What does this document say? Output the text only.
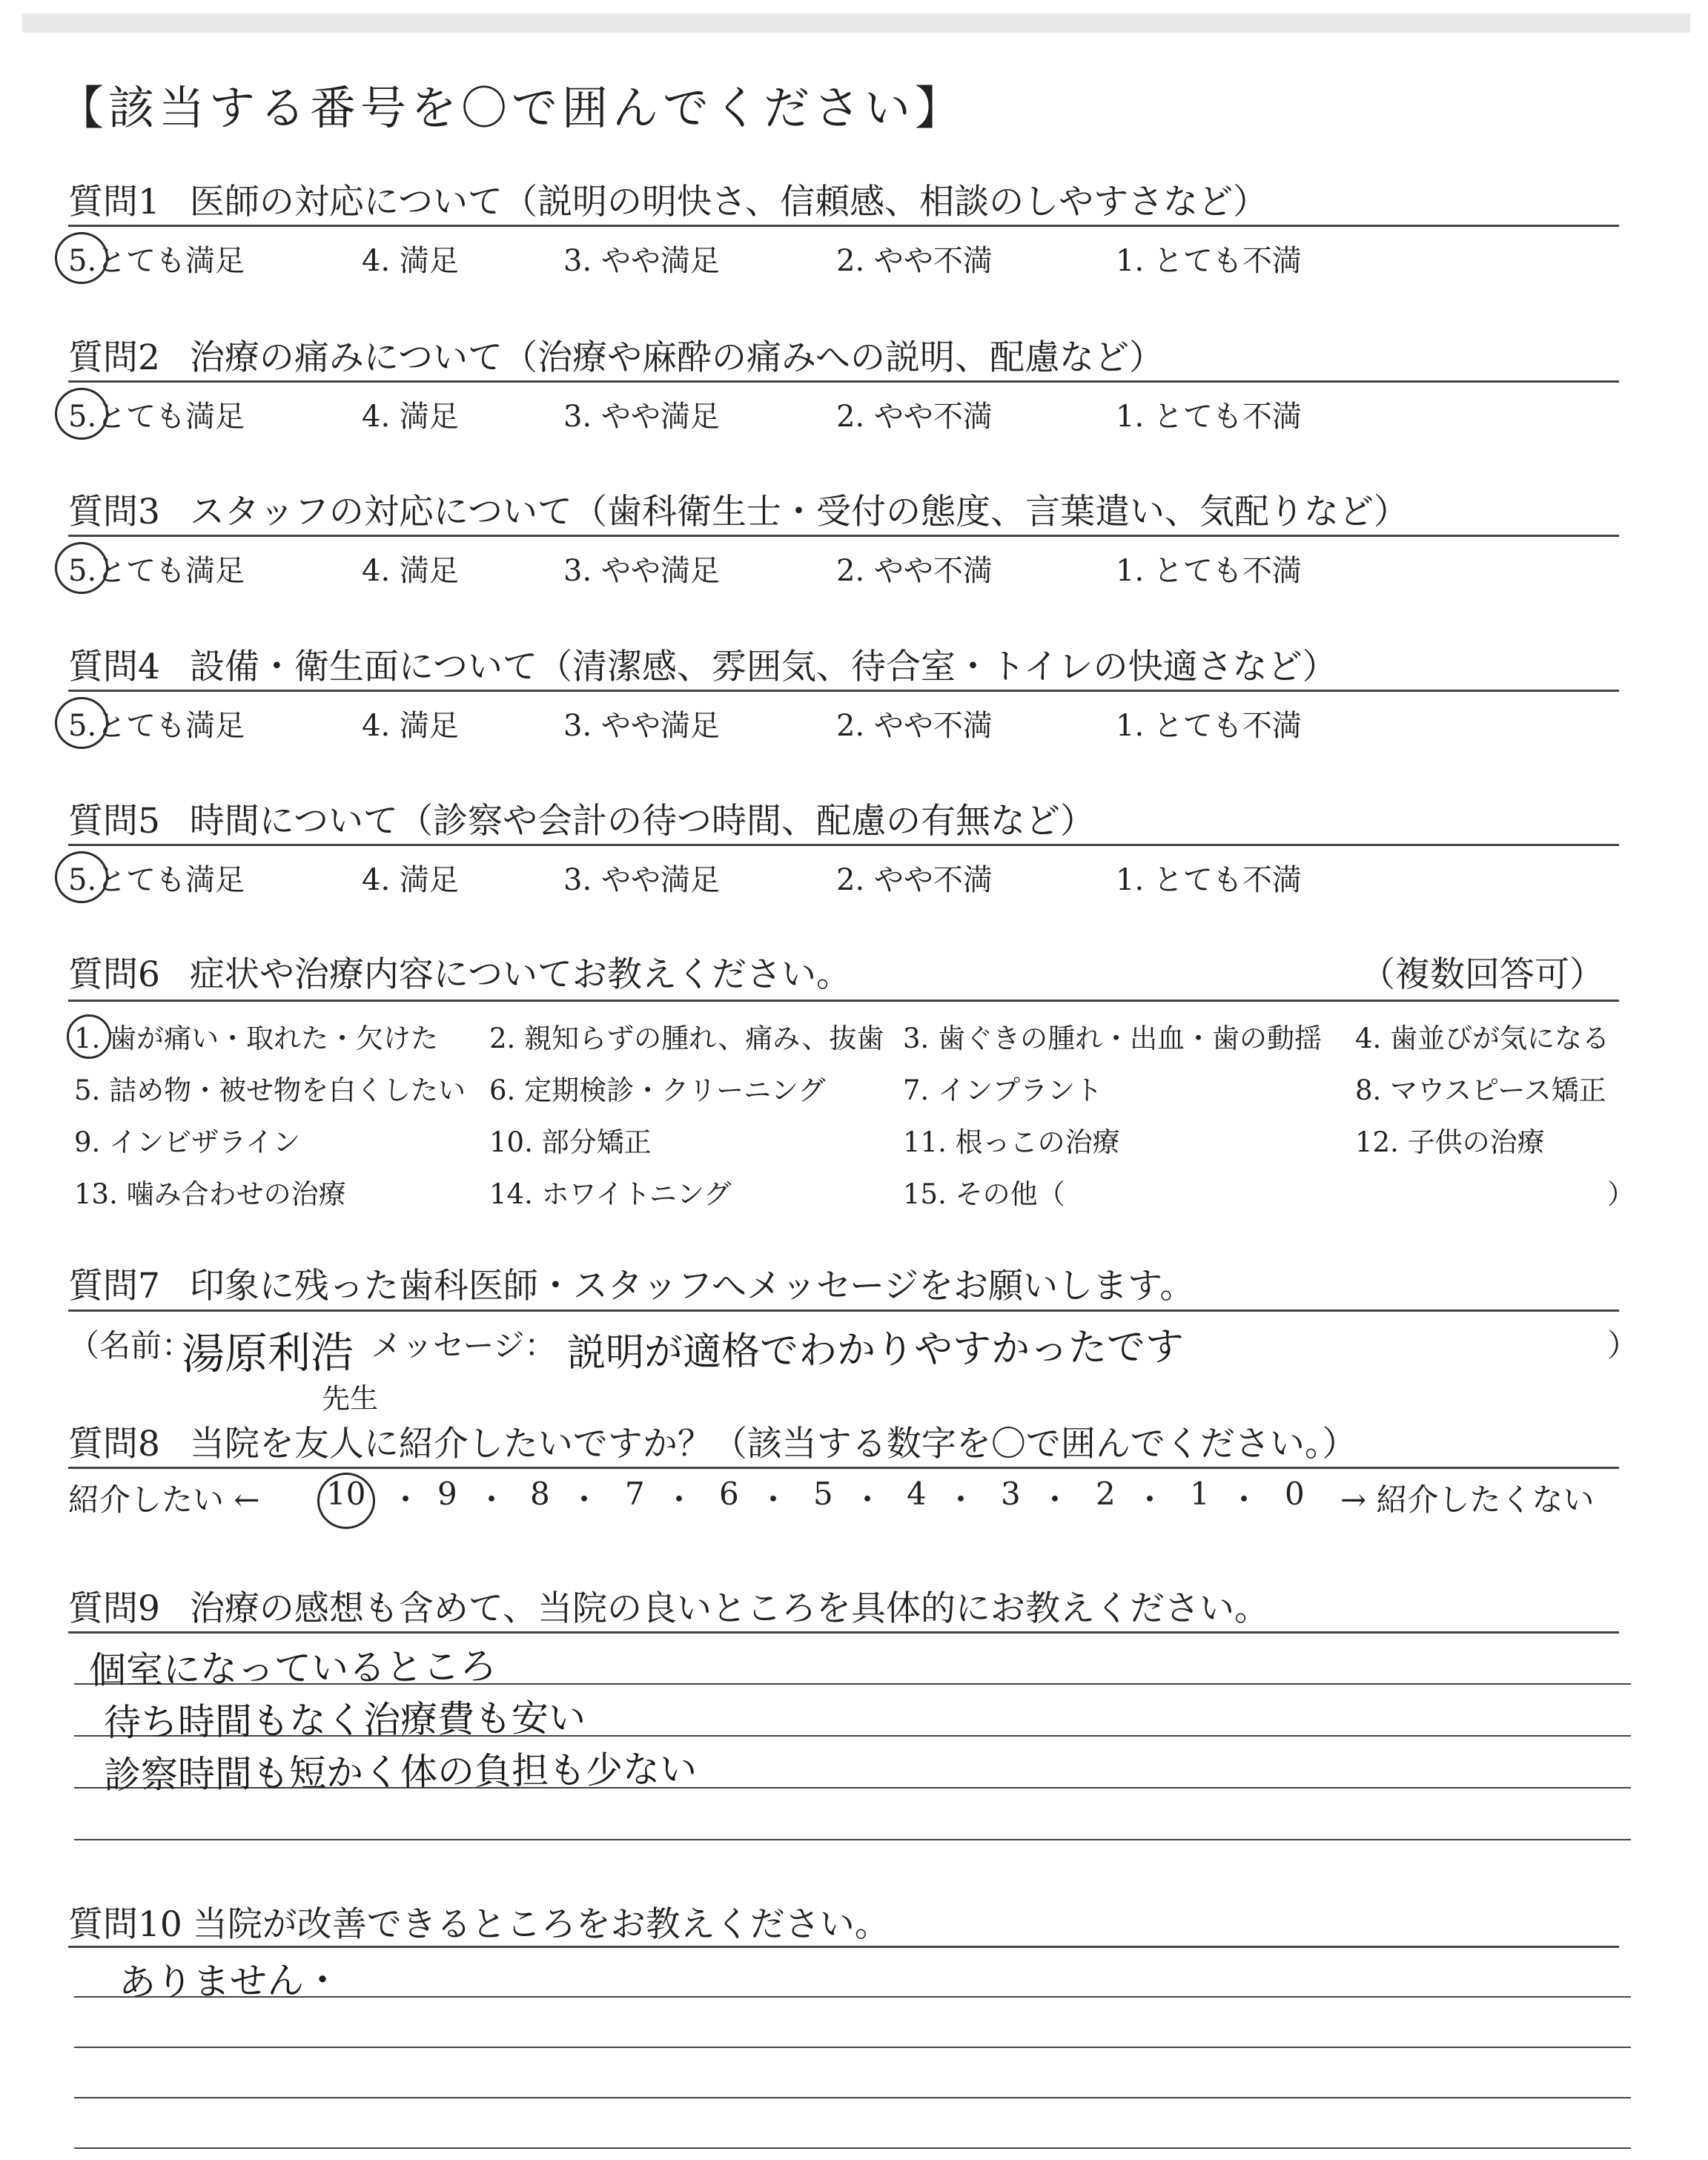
【該当する番号を〇で囲んでください】
質問1 医師の対応について（説明の明快さ、信頼感、相談のしやすさなど）
5.とても満足	4. 満足	3. やや満足	2. やや不満	1. とても不満
質問2 治療の痛みについて（治療や麻酔の痛みへの説明、配慮など）
5.とても満足	4. 満足	3. やや満足	2. やや不満	1. とても不満
質問3 スタッフの対応について（歯科衛生士・受付の態度、言葉遣い、気配りなど）
5.とても満足	4. 満足	3. やや満足	2. やや不満	1. とても不満
質問4 設備・衛生面について（清潔感、雰囲気、待合室・トイレの快適さなど）
5.とても満足	4. 満足	3. やや満足	2. やや不満	1. とても不満
質問5 時間について（診察や会計の待つ時間、配慮の有無など）
5.とても満足	4. 満足	3. やや満足	2. やや不満	1. とても不満
質問6 症状や治療内容についてお教えください。	（複数回答可）
1. 歯が痛い・取れた・欠けた 2. 親知らずの腫れ、痛み、抜歯 3. 歯ぐきの腫れ・出血・歯の動揺 4. 歯並びが気になる
5. 詰め物・被せ物を白くしたい 6. 定期検診・クリーニング	7. インプラント	8. マウスピース矯正
9. インビザライン	10. 部分矯正	11. 根っこの治療	12. 子供の治療
13. 噛み合わせの治療	14. ホワイトニング	15. その他（	）
質問7 印象に残った歯科医師・スタッフへメッセージをお願いします。
（名前：
湯原利浩
先生
メッセージ： 説明が適格でわかりやすかったです	）
質問8 当院を友人に紹介したいですか？（該当する数字を〇で囲んでください。）
紹介したい ← 10 ・ 9 ・ 8 ・ 7 ・ 6 ・ 5 ・ 4 ・ 3 ・ 2 ・ 1 ・ 0 → 紹介したくない
質問9 治療の感想も含めて、当院の良いところを具体的にお教えください。
個室になっているところ
待ち時間もなく治療費も安い
診察時間も短かく体の負担も少ない
質問10 当院が改善できるところをお教えください。
ありません・
